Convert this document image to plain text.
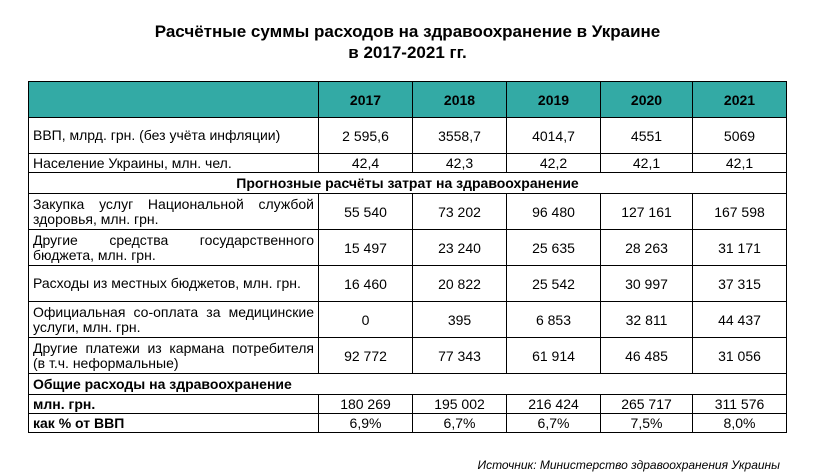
Расчётные суммы расходов на здравоохранение в Украине
в 2017-2021 гг.
	2017	2018	2019	2020	2021
ВВП, млрд. грн. (без учёта инфляции)	2 595,6	3558,7	4014,7	4551	5069
Население Украины, млн. чел.	42,4	42,3	42,2	42,1	42,1
Прогнозные расчёты затрат на здравоохранение					
Закупка услуг Национальной службой здоровья, млн. грн.	55 540	73 202	96 480	127 161	167 598
Другие средства государственного бюджета, млн. грн.	15 497	23 240	25 635	28 263	31 171
Расходы из местных бюджетов, млн. грн.	16 460	20 822	25 542	30 997	37 315
Официальная со-оплата за медицинские услуги, млн. грн.	0	395	6 853	32 811	44 437
Другие платежи из кармана потребителя (в т.ч. неформальные)	92 772	77 343	61 914	46 485	31 056
Общие расходы на здравоохранение					
млн. грн.	180 269	195 002	216 424	265 717	311 576
как % от ВВП	6,9%	6,7%	6,7%	7,5%	8,0%
Источник: Министерство здравоохранения Украины
